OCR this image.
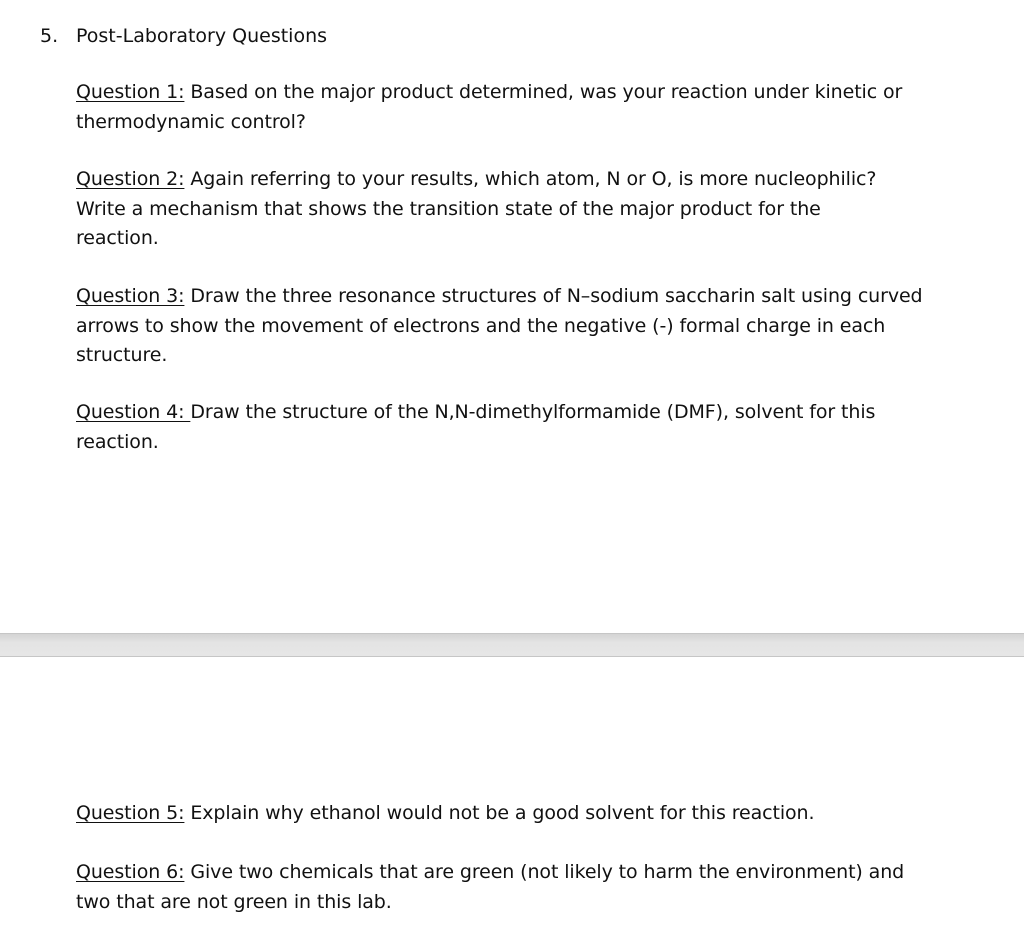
5. Post-Laboratory Questions
Question 1: Based on the major product determined, was your reaction under kinetic or thermodynamic control?
Question 2: Again referring to your results, which atom, N or O, is more nucleophilic? Write a mechanism that shows the transition state of the major product for the reaction.
Question 3: Draw the three resonance structures of N–sodium saccharin salt using curved arrows to show the movement of electrons and the negative (-) formal charge in each structure.
Question 4: Draw the structure of the N,N-dimethylformamide (DMF), solvent for this reaction.
Question 5: Explain why ethanol would not be a good solvent for this reaction.
Question 6: Give two chemicals that are green (not likely to harm the environment) and two that are not green in this lab.
